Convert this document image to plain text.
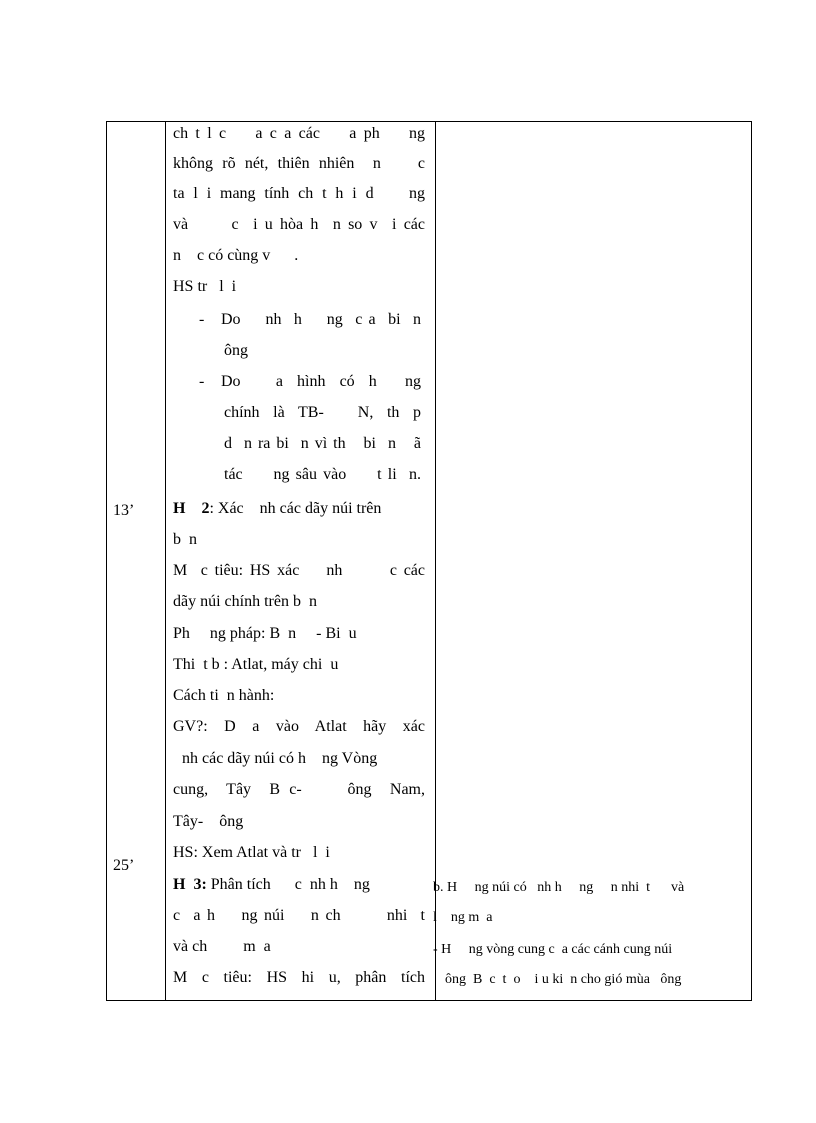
13’
25’
ch t l c    a c a các    a ph    ng
không rõ nét, thiên nhiên  n    c
ta l i mang tính ch t h i d    ng
và      c  i u hòa h  n so v  i các
n    c có cùng v      .
HS tr   l  i
- Do    nh  h    ng  c a  bi  n
ông
- Do     a  hình  có  h    ng
chính  là  TB-     N,  th  p
d  n ra bi  n vì th   bi  n   ã
tác     ng sâu vào     t li  n.
H 2: Xác    nh các dãy núi trên
b  n
M  c tiêu: HS xác    nh       c các
dãy núi chính trên b  n
Ph     ng pháp: B  n     - Bi  u
Thi  t b : Atlat, máy chi  u
Cách ti  n hành:
GV?:  D  a  vào  Atlat  hãy  xác
nh các dãy núi có h    ng Vòng
cung,  Tây  B c-     ông  Nam,
Tây-    ông
HS: Xem Atlat và tr   l  i
H 3: Phân tích      c  nh h    ng
c  a h    ng núi    n ch       nhi  t
và ch         m  a
M  c  tiêu:  HS  hi  u,  phân  tích
b. H     ng núi có   nh h     ng     n nhi  t      và
l    ng m  a
- H     ng vòng cung c  a các cánh cung núi
ông  B  c  t  o    i u ki  n cho gió mùa   ông
